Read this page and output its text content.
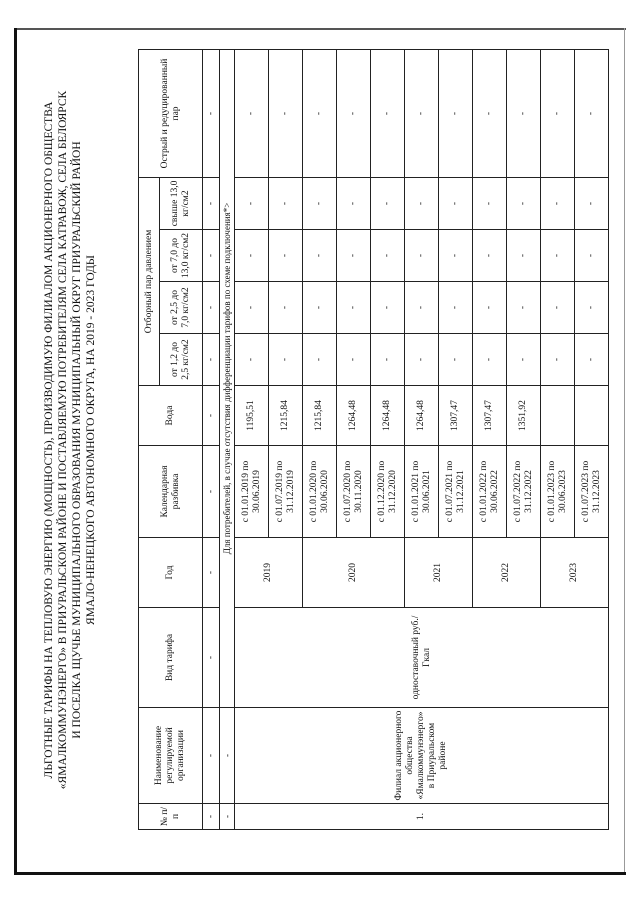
ЛЬГОТНЫЕ ТАРИФЫ НА ТЕПЛОВУЮ ЭНЕРГИЮ (МОЩНОСТЬ), ПРОИЗВОДИМУЮ ФИЛИАЛОМ АКЦИОНЕРНОГО ОБЩЕСТВА «ЯМАЛКОММУНЭНЕРГО» В ПРИУРАЛЬСКОМ РАЙОНЕ И ПОСТАВЛЯЕМУЮ ПОТРЕБИТЕЛЯМ СЕЛА КАТРАВОЖ, СЕЛА БЕЛОЯРСК И ПОСЕЛКА ЩУЧЬЕ МУНИЦИПАЛЬНОГО ОБРАЗОВАНИЯ МУНИЦИПАЛЬНЫЙ ОКРУГ ПРИУРАЛЬСКИЙ РАЙОН ЯМАЛО-НЕНЕЦКОГО АВТОНОМНОГО ОКРУГА, НА 2019 - 2023 ГОДЫ
№ п/п	Наименование регулируемой организации	Вид тарифа	Год	Календарная разбивка	Вода	Отборный пар давлением				Острый и редуцированный пар
						от 1,2 до 2,5 кг/см2	от 2,5 до 7,0 кг/см2	от 7,0 до 13,0 кг/см2	свыше 13,0 кг/см2	
-	-	-	-	-	-	-	-	-	-	-
-	-	Для потребителей, в случае отсутствия дифференциации тарифов по схеме подключения*>								
1.	Филиал акционерного общества «Ямалкоммунэнерго» в Приуральском районе	одноставочный руб./Гкал	2019	с 01.01.2019 по 30.06.2019	1195,51	-	-	-	-	-
				с 01.07.2019 по 31.12.2019	1215,84	-	-	-	-	-
			2020	с 01.01.2020 по 30.06.2020	1215,84	-	-	-	-	-
				с 01.07.2020 по 30.11.2020	1264,48	-	-	-	-	-
				с 01.12.2020 по 31.12.2020	1264,48	-	-	-	-	-
			2021	с 01.01.2021 по 30.06.2021	1264,48	-	-	-	-	-
				с 01.07.2021 по 31.12.2021	1307,47	-	-	-	-	-
			2022	с 01.01.2022 по 30.06.2022	1307,47	-	-	-	-	-
				с 01.07.2022 по 31.12.2022	1351,92	-	-	-	-	-
			2023	с 01.01.2023 по 30.06.2023		-	-	-	-	-
				с 01.07.2023 по 31.12.2023		-	-	-	-	-
